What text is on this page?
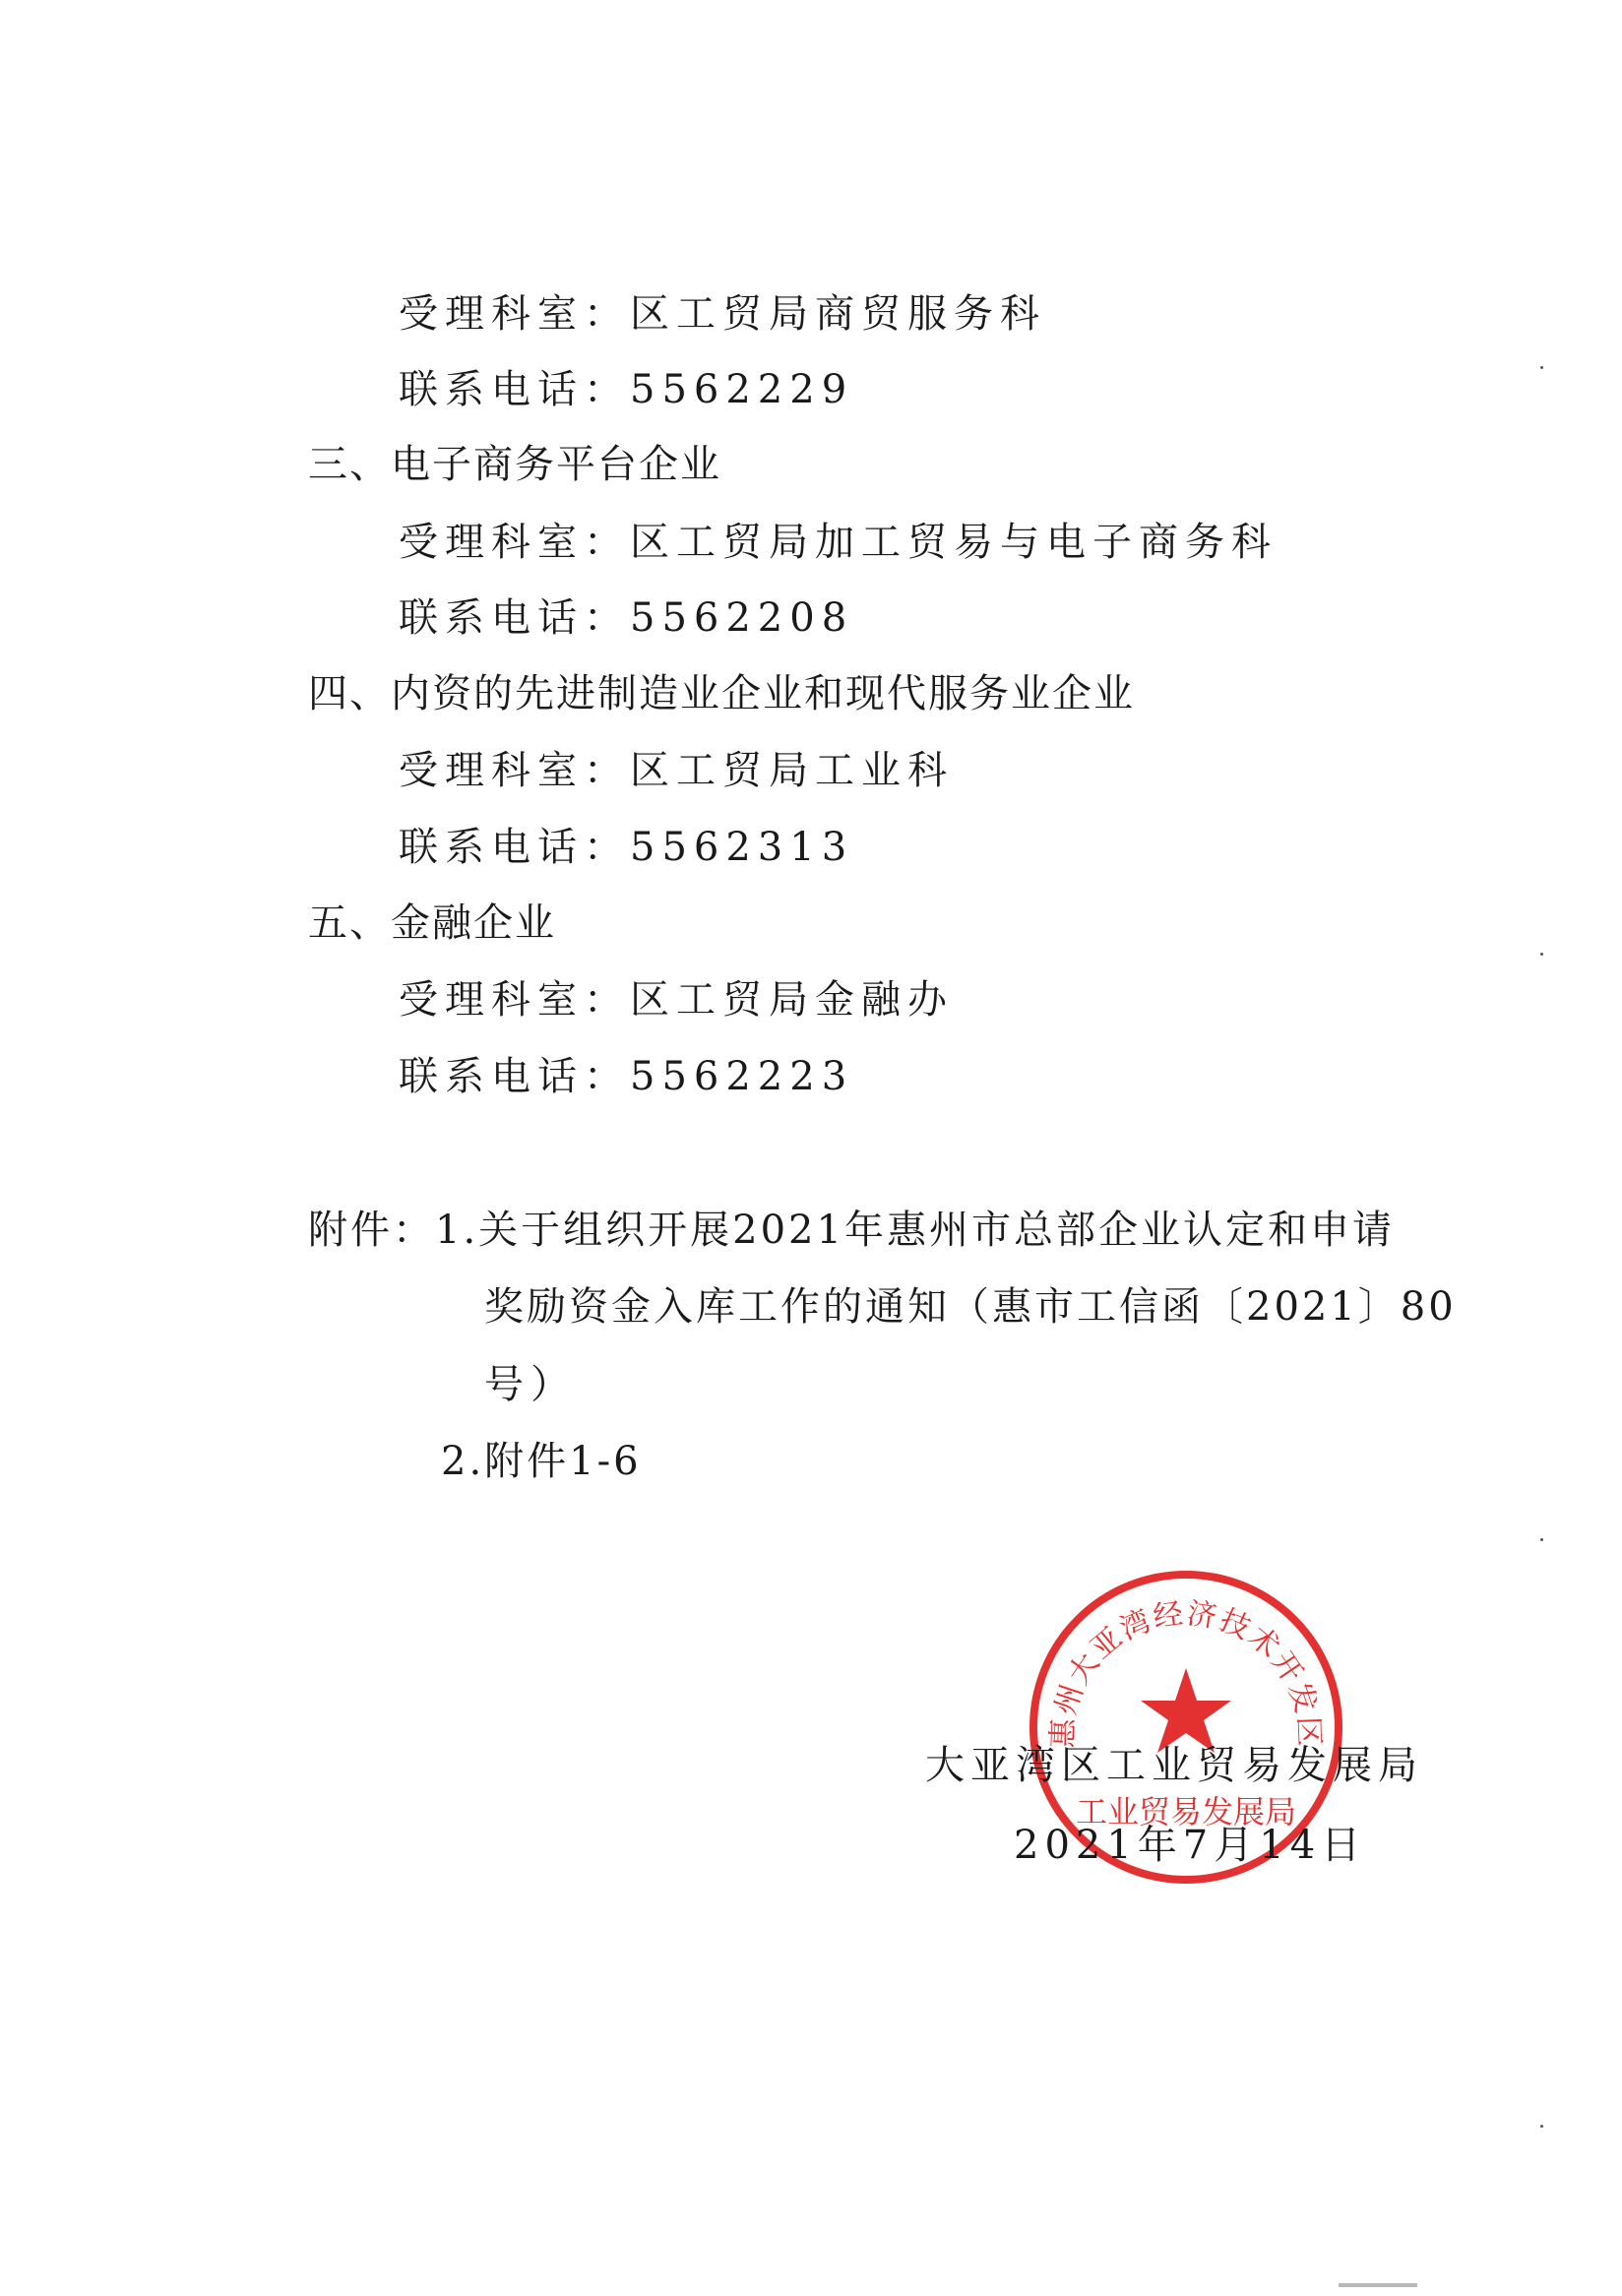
受理科室：区工贸局商贸服务科
联系电话：5562229
三、电子商务平台企业
受理科室：区工贸局加工贸易与电子商务科
联系电话：5562208
四、内资的先进制造业企业和现代服务业企业
受理科室：区工贸局工业科
联系电话：5562313
五、金融企业
受理科室：区工贸局金融办
联系电话：5562223
附件：1.关于组织开展2021年惠州市总部企业认定和申请
奖励资金入库工作的通知（惠市工信函〔2021〕80
号）
2.附件1-6
惠州大亚湾经济技术开发区
工业贸易发展局
大亚湾区工业贸易发展局
2021年7月14日
